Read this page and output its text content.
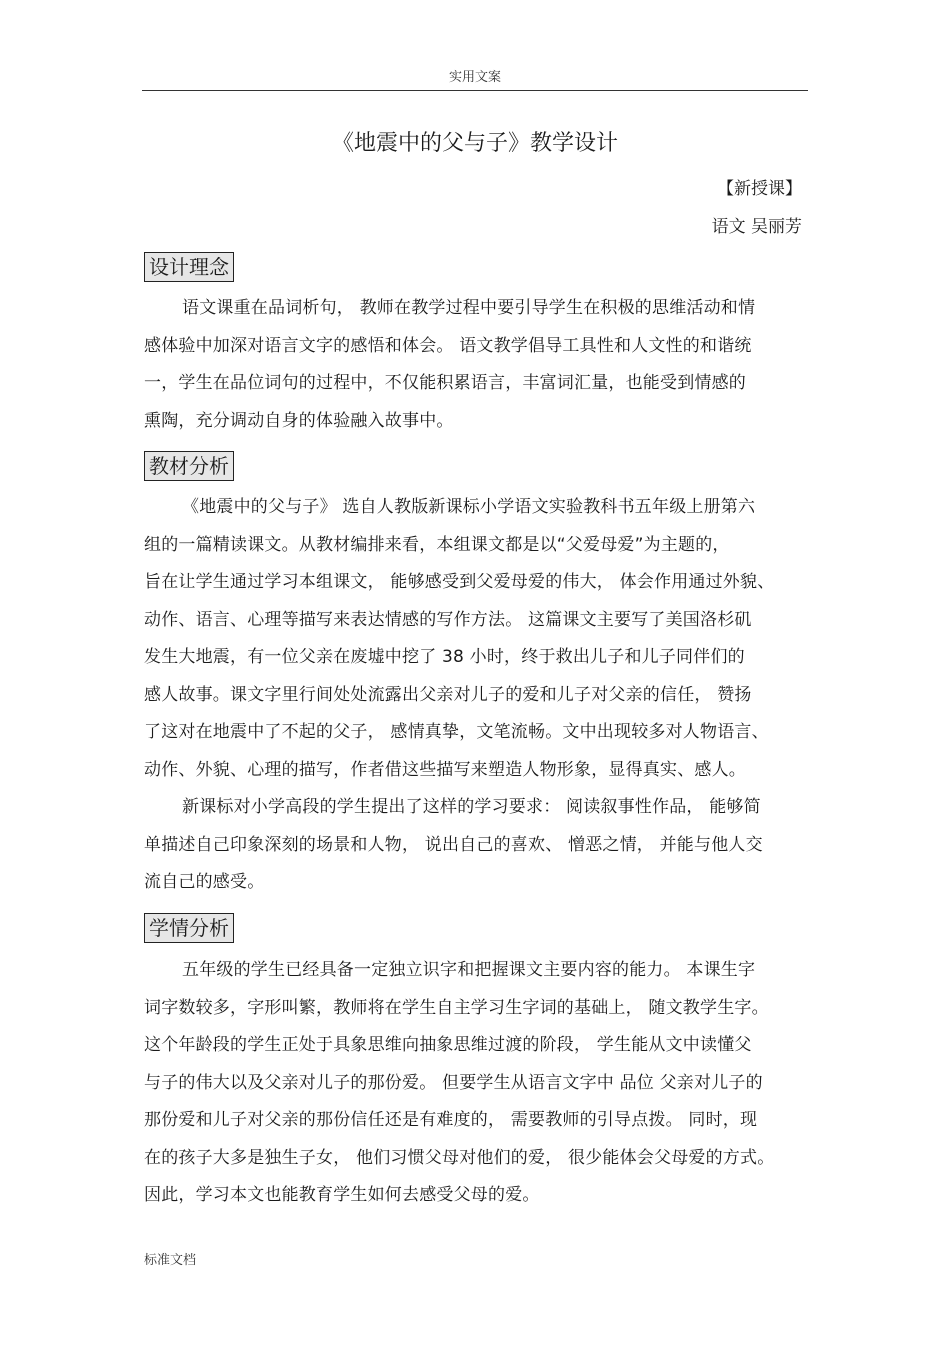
实用文案
《地震中的父与子》教学设计
【新授课】
语文 吴丽芳
设计理念
语文课重在品词析句， 教师在教学过程中要引导学生在积极的思维活动和情
感体验中加深对语言文字的感悟和体会。 语文教学倡导工具性和人文性的和谐统
一，学生在品位词句的过程中，不仅能积累语言，丰富词汇量，也能受到情感的
熏陶，充分调动自身的体验融入故事中。
教材分析
《地震中的父与子》 选自人教版新课标小学语文实验教科书五年级上册第六
组的一篇精读课文。从教材编排来看，本组课文都是以“父爱母爱”为主题的，
旨在让学生通过学习本组课文， 能够感受到父爱母爱的伟大， 体会作用通过外貌、
动作、语言、心理等描写来表达情感的写作方法。 这篇课文主要写了美国洛杉矶
发生大地震，有一位父亲在废墟中挖了 38 小时，终于救出儿子和儿子同伴们的
感人故事。课文字里行间处处流露出父亲对儿子的爱和儿子对父亲的信任， 赞扬
了这对在地震中了不起的父子， 感情真挚，文笔流畅。文中出现较多对人物语言、
动作、外貌、心理的描写，作者借这些描写来塑造人物形象，显得真实、感人。
新课标对小学高段的学生提出了这样的学习要求： 阅读叙事性作品， 能够简
单描述自己印象深刻的场景和人物， 说出自己的喜欢、 憎恶之情， 并能与他人交
流自己的感受。
学情分析
五年级的学生已经具备一定独立识字和把握课文主要内容的能力。 本课生字
词字数较多，字形叫繁，教师将在学生自主学习生字词的基础上， 随文教学生字。
这个年龄段的学生正处于具象思维向抽象思维过渡的阶段， 学生能从文中读懂父
与子的伟大以及父亲对儿子的那份爱。 但要学生从语言文字中 品位 父亲对儿子的
那份爱和儿子对父亲的那份信任还是有难度的， 需要教师的引导点拨。 同时，现
在的孩子大多是独生子女， 他们习惯父母对他们的爱， 很少能体会父母爱的方式。
因此，学习本文也能教育学生如何去感受父母的爱。
标准文档
